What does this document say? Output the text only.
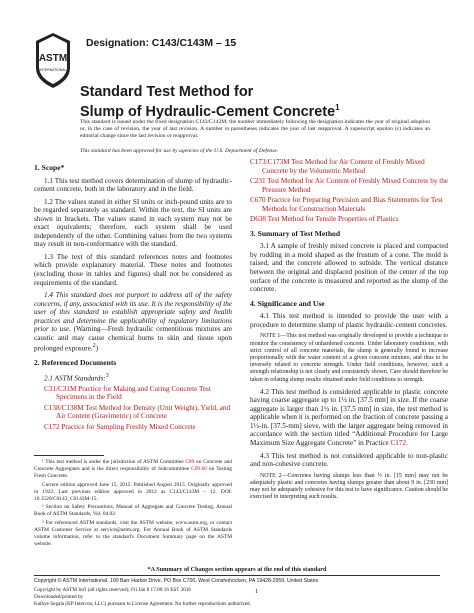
ASTM
INTERNATIONAL
Designation: C143/C143M – 15
Standard Test Method for
Slump of Hydraulic-Cement Concrete$^1$
This standard is issued under the fixed designation C143/C143M; the number immediately following the designation indicates the year of original adoption or, in the case of revision, the year of last revision. A number in parentheses indicates the year of last reapproval. A superscript epsilon (ε) indicates an editorial change since the last revision or reapproval.
This standard has been approved for use by agencies of the U.S. Department of Defense.
1. Scope*
1.1 This test method covers determination of slump of hydraulic-cement concrete, both in the laboratory and in the field.
1.2 The values stated in either SI units or inch-pound units are to be regarded separately as standard. Within the text, the SI units are shown in brackets. The values stated in each system may not be exact equivalents; therefore, each system shall be used independently of the other. Combining values from the two systems may result in non-conformance with the standard.
1.3 The text of this standard references notes and footnotes which provide explanatory material. These notes and footnotes (excluding those in tables and figures) shall not be considered as requirements of the standard.
1.4 This standard does not purport to address all of the safety concerns, if any, associated with its use. It is the responsibility of the user of this standard to establish appropriate safety and health practices and determine the applicability of regulatory limitations prior to use. (Warning—Fresh hydraulic cementitious mixtures are caustic and may cause chemical burns to skin and tissue upon prolonged exposure.$^2$)
2. Referenced Documents
2.1 ASTM Standards:$^3$
C31/C31M Practice for Making and Curing Concrete Test Specimens in the Field
C138/C138M Test Method for Density (Unit Weight), Yield, and Air Content (Gravimetric) of Concrete
C172 Practice for Sampling Freshly Mixed Concrete
C173/C173M Test Method for Air Content of Freshly Mixed Concrete by the Volumetric Method
C231 Test Method for Air Content of Freshly Mixed Concrete by the Pressure Method
C670 Practice for Preparing Precision and Bias Statements for Test Methods for Construction Materials
D638 Test Method for Tensile Properties of Plastics
3. Summary of Test Method
3.1 A sample of freshly mixed concrete is placed and compacted by rodding in a mold shaped as the frustum of a cone. The mold is raised, and the concrete allowed to subside. The vertical distance between the original and displaced position of the center of the top surface of the concrete is measured and reported as the slump of the concrete.
4. Significance and Use
4.1 This test method is intended to provide the user with a procedure to determine slump of plastic hydraulic-cement concretes.
NOTE 1—This test method was originally developed to provide a technique to monitor the consistency of unhardened concrete. Under laboratory conditions, with strict control of all concrete materials, the slump is generally found to increase proportionally with the water content of a given concrete mixture, and thus to be inversely related to concrete strength. Under field conditions, however, such a strength relationship is not clearly and consistently shown. Care should therefore be taken in relating slump results obtained under field conditions to strength.
4.2 This test method is considered applicable to plastic concrete having coarse aggregate up to 1½ in. [37.5 mm] in size. If the coarse aggregate is larger than 1½ in. [37.5 mm] in size, the test method is applicable when it is performed on the fraction of concrete passing a 1½-in. [37.5-mm] sieve, with the larger aggregate being removed in accordance with the section titled “Additional Procedure for Large Maximum Size Aggregate Concrete” in Practice C172.
4.3 This test method is not considered applicable to non-plastic and non-cohesive concrete.
NOTE 2—Concretes having slumps less than ½ in. [15 mm] may not be adequately plastic and concretes having slumps greater than about 9 in. [230 mm] may not be adequately cohesive for this test to have significance. Caution should be exercised in interpreting such results.
¹ This test method is under the jurisdiction of ASTM Committee C09 on Concrete and Concrete Aggregates and is the direct responsibility of Subcommittee C09.60 on Testing Fresh Concrete.
Current edition approved June 15, 2015. Published August 2015. Originally approved in 1922. Last previous edition approved in 2012 as C143/C143M – 12. DOI: 10.1520/C0143_C0143M-15.
² Section on Safety Precautions, Manual of Aggregate and Concrete Testing, Annual Book of ASTM Standards, Vol. 04.02.
³ For referenced ASTM standards, visit the ASTM website, www.astm.org, or contact ASTM Customer Service at service@astm.org. For Annual Book of ASTM Standards volume information, refer to the standard's Document Summary page on the ASTM website.
*A Summary of Changes section appears at the end of this standard
Copyright © ASTM International, 100 Barr Harbor Drive, PO Box C700, West Conshohocken, PA 19428-2959. United States
Copyright by ASTM Int'l (all rights reserved); Fri Jan 8 17:00:16 EST 2016
Downloaded/printed by
Kathye Segala (KP Intercon, LLC) pursuant to License Agreement. No further reproductions authorized.
1
